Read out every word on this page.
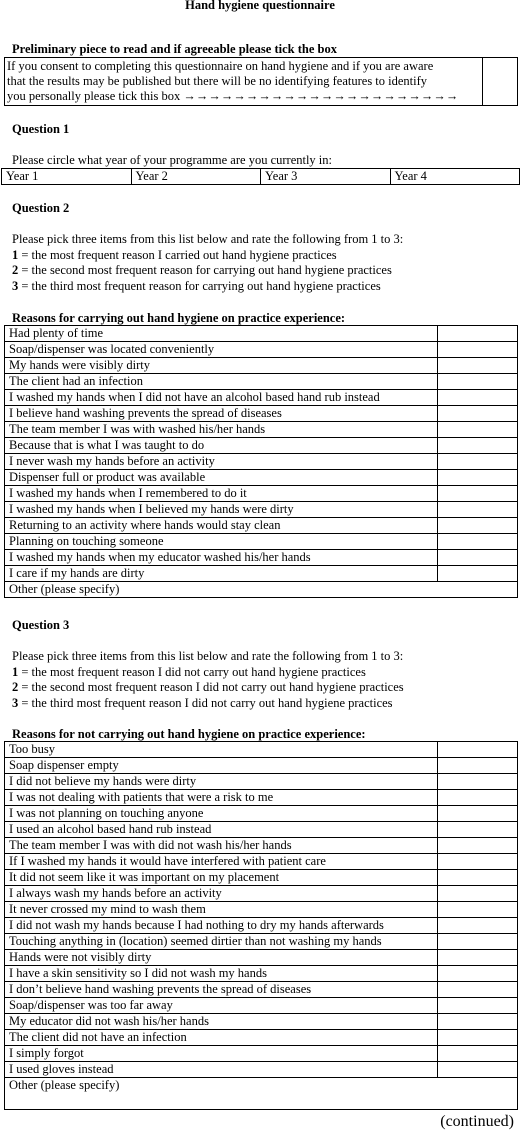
Hand hygiene questionnaire
Preliminary piece to read and if agreeable please tick the box
If you consent to completing this questionnaire on hand hygiene and if you are aware
that the results may be published but there will be no identifying features to identify
you personally please tick this box →→→→→→→→→→→→→→→→→→→→→→

Question 1
Please circle what year of your programme are you currently in:
Year 1	Year 2	Year 3	Year 4
Question 2
Please pick three items from this list below and rate the following from 1 to 3:
1 = the most frequent reason I carried out hand hygiene practices
2 = the second most frequent reason for carrying out hand hygiene practices
3 = the third most frequent reason for carrying out hand hygiene practices
Reasons for carrying out hand hygiene on practice experience:
Had plenty of time	
Soap/dispenser was located conveniently	
My hands were visibly dirty	
The client had an infection	
I washed my hands when I did not have an alcohol based hand rub instead	
I believe hand washing prevents the spread of diseases	
The team member I was with washed his/her hands	
Because that is what I was taught to do	
I never wash my hands before an activity	
Dispenser full or product was available	
I washed my hands when I remembered to do it	
I washed my hands when I believed my hands were dirty	
Returning to an activity where hands would stay clean	
Planning on touching someone	
I washed my hands when my educator washed his/her hands	
I care if my hands are dirty	
Other (please specify)	
Question 3
Please pick three items from this list below and rate the following from 1 to 3:
1 = the most frequent reason I did not carry out hand hygiene practices
2 = the second most frequent reason I did not carry out hand hygiene practices
3 = the third most frequent reason I did not carry out hand hygiene practices
Reasons for not carrying out hand hygiene on practice experience:
Too busy	
Soap dispenser empty	
I did not believe my hands were dirty	
I was not dealing with patients that were a risk to me	
I was not planning on touching anyone	
I used an alcohol based hand rub instead	
The team member I was with did not wash his/her hands	
If I washed my hands it would have interfered with patient care	
It did not seem like it was important on my placement	
I always wash my hands before an activity	
It never crossed my mind to wash them	
I did not wash my hands because I had nothing to dry my hands afterwards	
Touching anything in (location) seemed dirtier than not washing my hands	
Hands were not visibly dirty	
I have a skin sensitivity so I did not wash my hands	
I don’t believe hand washing prevents the spread of diseases	
Soap/dispenser was too far away	
My educator did not wash his/her hands	
The client did not have an infection	
I simply forgot	
I used gloves instead	
Other (please specify)	
(continued)
